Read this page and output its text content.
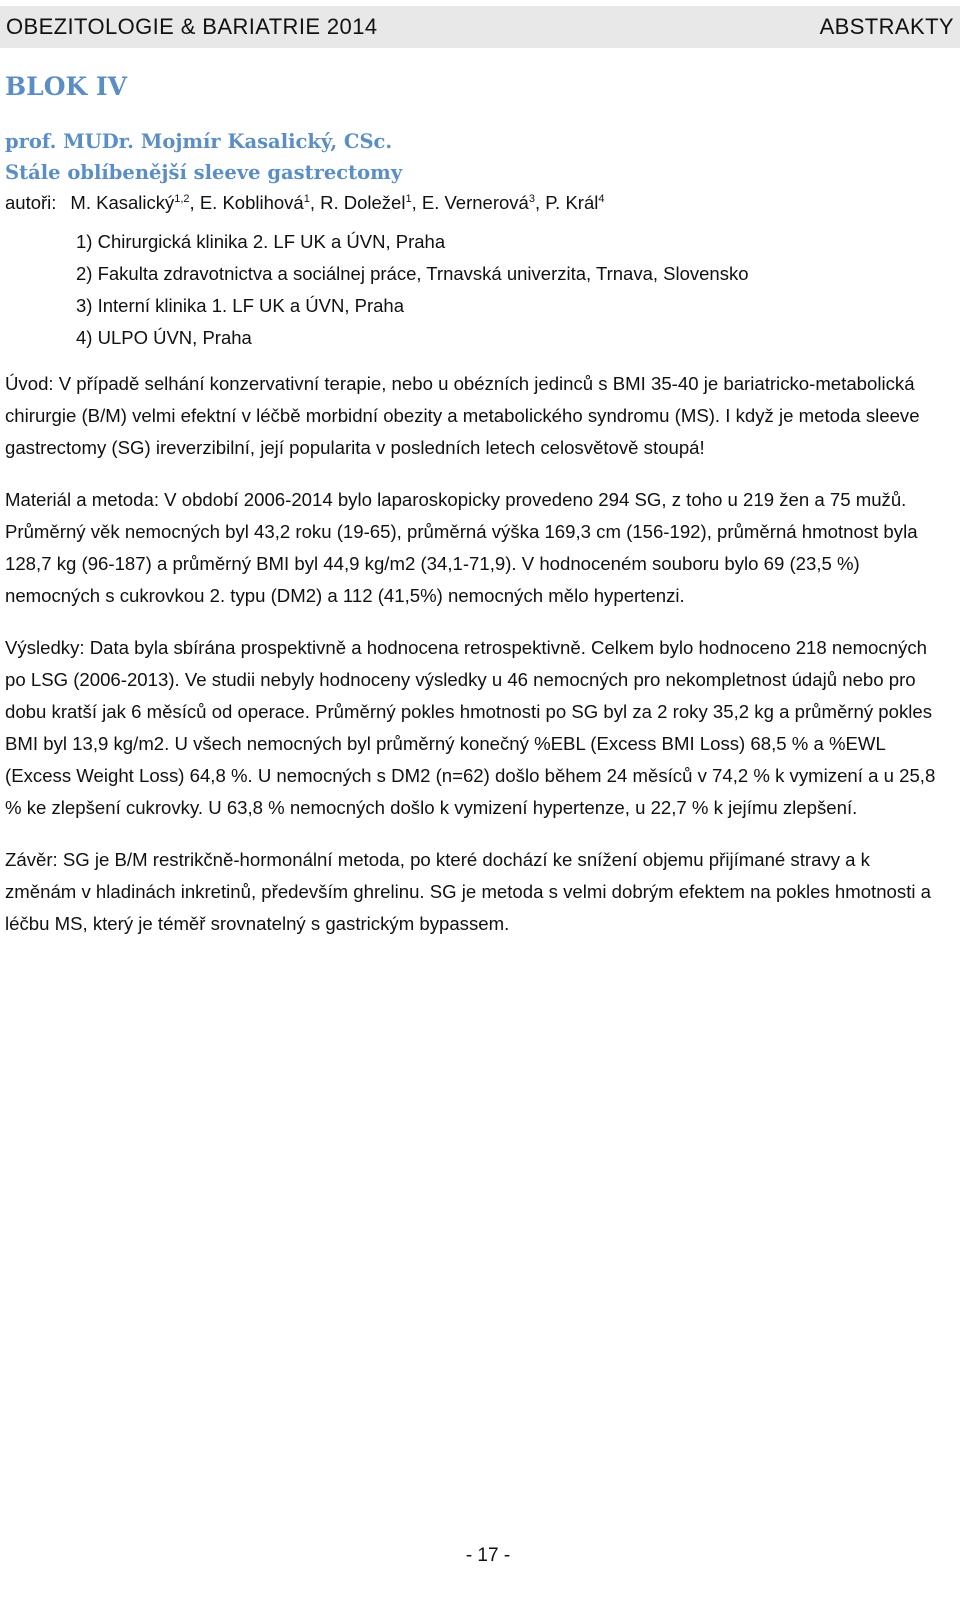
OBEZITOLOGIE & BARIATRIE 2014	ABSTRAKTY
BLOK IV
prof. MUDr. Mojmír Kasalický, CSc.
Stále oblíbenější sleeve gastrectomy
autoři: M. Kasalický$^{1,2}$, E. Koblihová$^1$, R. Doležel$^1$, E. Vernerová$^3$, P. Král$^4$
1) Chirurgická klinika 2. LF UK a ÚVN, Praha
2) Fakulta zdravotnictva a sociálnej práce, Trnavská univerzita, Trnava, Slovensko
3) Interní klinika 1. LF UK a ÚVN, Praha
4) ULPO ÚVN, Praha

Úvod: V případě selhání konzervativní terapie, nebo u obézních jedinců s BMI 35-40 je bariatricko-metabolická chirurgie (B/M) velmi efektní v léčbě morbidní obezity a metabolického syndromu (MS). I když je metoda sleeve gastrectomy (SG) ireverzibilní, její popularita v posledních letech celosvětově stoupá!

Materiál a metoda: V období 2006-2014 bylo laparoskopicky provedeno 294 SG, z toho u 219 žen a 75 mužů. Průměrný věk nemocných byl 43,2 roku (19-65), průměrná výška 169,3 cm (156-192), průměrná hmotnost byla 128,7 kg (96-187) a průměrný BMI byl 44,9 kg/m2 (34,1-71,9). V hodnoceném souboru bylo 69 (23,5 %) nemocných s cukrovkou 2. typu (DM2) a 112 (41,5%) nemocných mělo hypertenzi.

Výsledky: Data byla sbírána prospektivně a hodnocena retrospektivně. Celkem bylo hodnoceno 218 nemocných po LSG (2006-2013). Ve studii nebyly hodnoceny výsledky u 46 nemocných pro nekompletnost údajů nebo pro dobu kratší jak 6 měsíců od operace. Průměrný pokles hmotnosti po SG byl za 2 roky 35,2 kg a průměrný pokles BMI byl 13,9 kg/m2. U všech nemocných byl průměrný konečný %EBL (Excess BMI Loss) 68,5 % a %EWL (Excess Weight Loss) 64,8 %. U nemocných s DM2 (n=62) došlo během 24 měsíců v 74,2 % k vymizení a u 25,8 % ke zlepšení cukrovky. U 63,8 % nemocných došlo k vymizení hypertenze, u 22,7 % k jejímu zlepšení.

Závěr: SG je B/M restrikčně-hormonální metoda, po které dochází ke snížení objemu přijímané stravy a k změnám v hladinách inkretinů, především ghrelinu. SG je metoda s velmi dobrým efektem na pokles hmotnosti a léčbu MS, který je téměř srovnatelný s gastrickým bypassem.

- 17 -
